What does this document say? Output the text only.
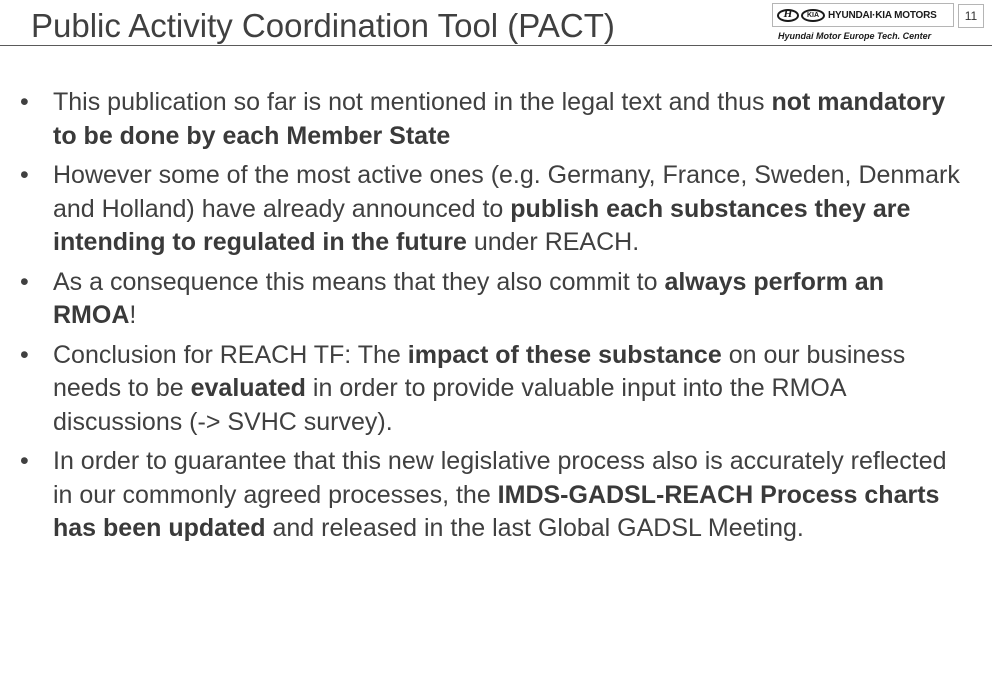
Public Activity Coordination Tool (PACT)	H	KIA HYUNDAI·KIA MOTORS	11
Hyundai Motor Europe Tech. Center
• This publication so far is not mentioned in the legal text and thus not mandatory to be done by each Member State
• However some of the most active ones (e.g. Germany, France, Sweden, Denmark and Holland) have already announced to publish each substances they are intending to regulated in the future under REACH.
• As a consequence this means that they also commit to always perform an RMOA!
• Conclusion for REACH TF: The impact of these substance on our business needs to be evaluated in order to provide valuable input into the RMOA discussions (-> SVHC survey).
• In order to guarantee that this new legislative process also is accurately reflected in our commonly agreed processes, the IMDS-GADSL-REACH Process charts has been updated and released in the last Global GADSL Meeting.
